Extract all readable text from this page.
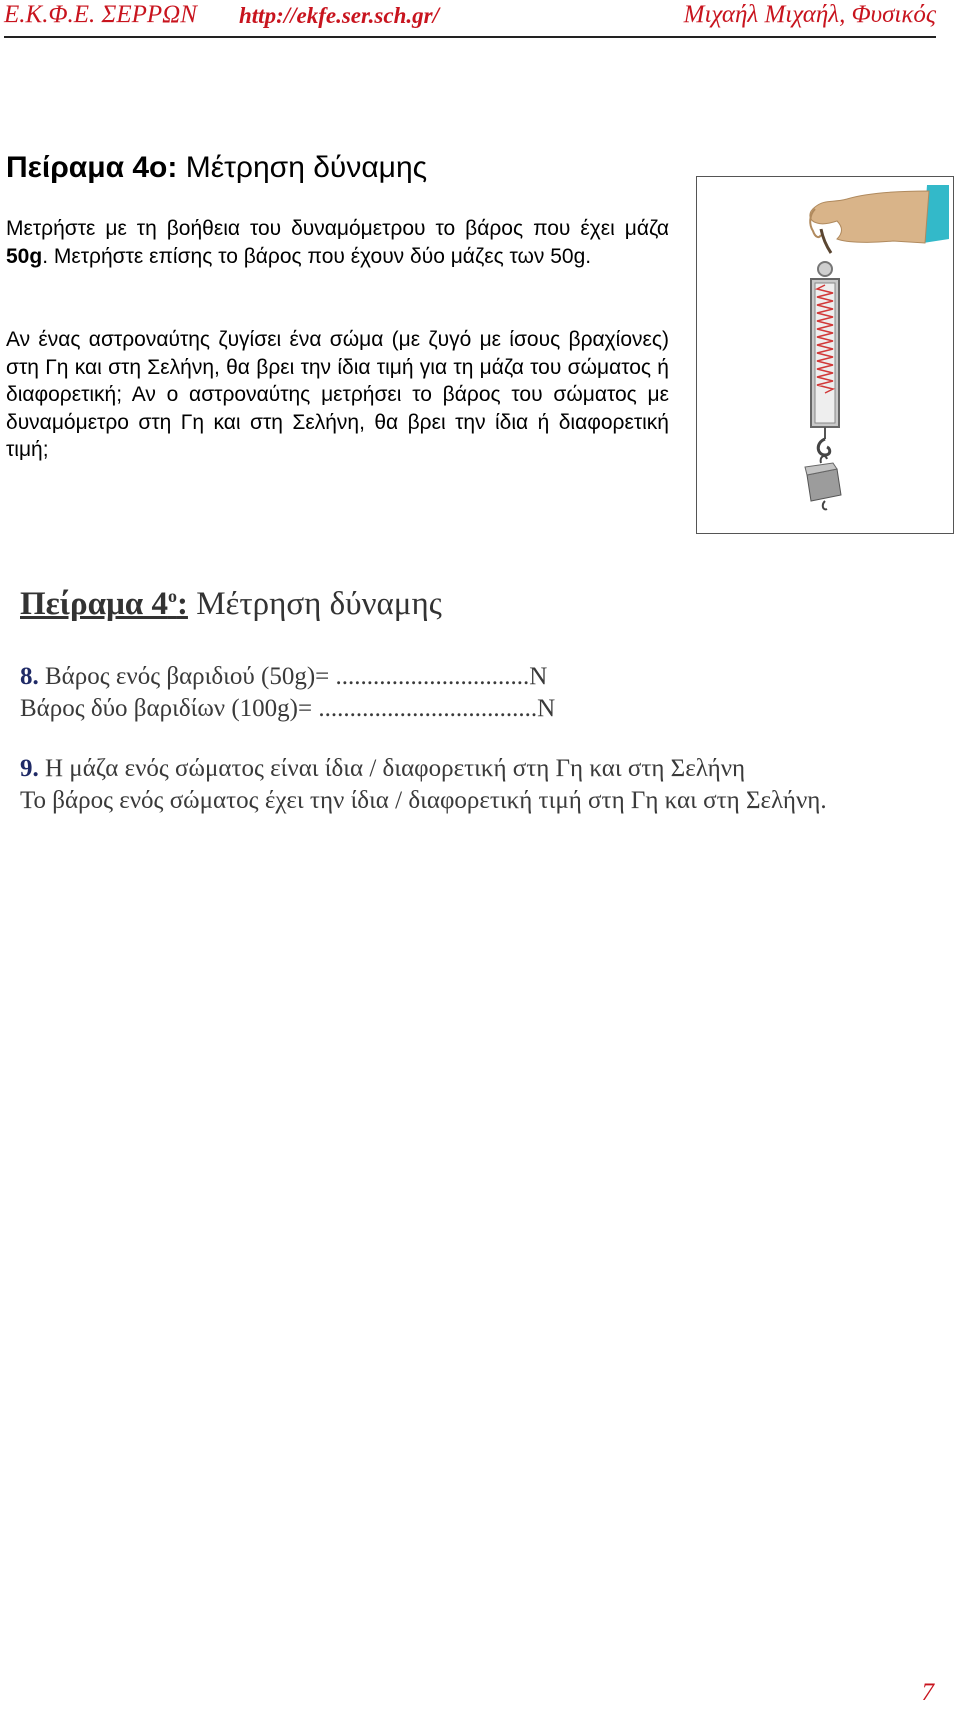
Ε.Κ.Φ.Ε. ΣΕΡΡΩΝ http://ekfe.ser.sch.gr/	Μιχαήλ Μιχαήλ, Φυσικός
Πείραμα 4ο: Μέτρηση δύναμης
Μετρήστε με τη βοήθεια του δυναμόμετρου το βάρος που έχει μάζα 50g. Μετρήστε επίσης το βάρος που έχουν δύο μάζες των 50g.
Αν ένας αστροναύτης ζυγίσει ένα σώμα (με ζυγό με ίσους βραχίονες) στη Γη και στη Σελήνη, θα βρει την ίδια τιμή για τη μάζα του σώματος ή διαφορετική; Αν ο αστροναύτης μετρήσει το βάρος του σώματος με δυναμόμετρο στη Γη και στη Σελήνη, θα βρει την ίδια ή διαφορετική τιμή;
Πείραμα $4^o$: Μέτρηση δύναμης
8. Βάρος ενός βαριδιού (50g)= ...............................Ν
Βάρος δύο βαριδίων (100g)= ...................................Ν
9. Η μάζα ενός σώματος είναι ίδια / διαφορετική στη Γη και στη Σελήνη
Το βάρος ενός σώματος έχει την ίδια / διαφορετική τιμή στη Γη και στη Σελήνη.
7
